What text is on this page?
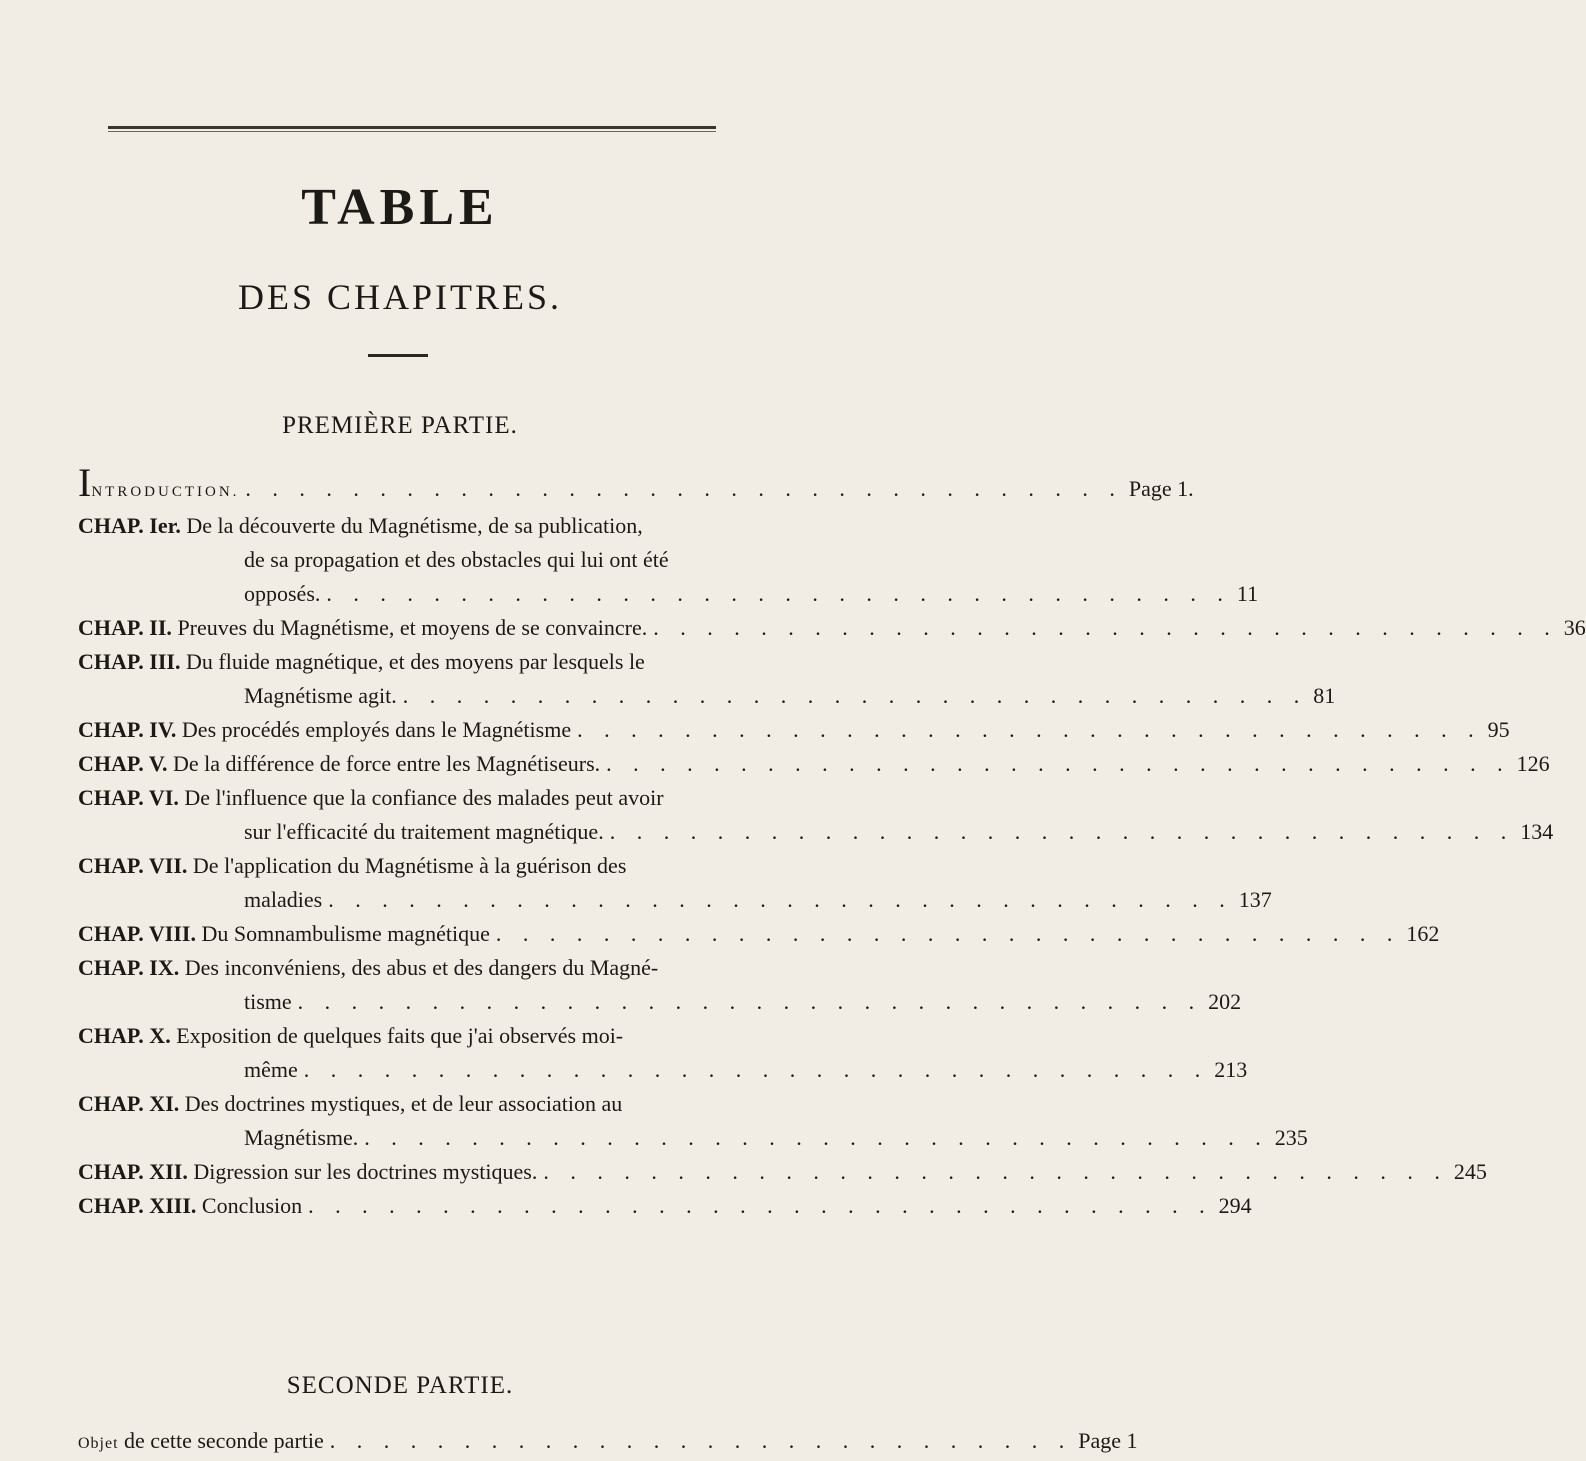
TABLE
DES CHAPITRES.
PREMIÈRE PARTIE.
INTRODUCTION. . . . . . . . . . . . . . . . . . . . . . . . . . . . . . . . . . Page 1.
CHAP. Ier.
De la découverte du Magnétisme, de sa publication,
de sa propagation et des obstacles qui lui ont été
opposés. . . . . . . . . . . . . . . . . . . . . . . . . . . . . . . . . . . 11
CHAP. II.
Preuves du Magnétisme, et moyens de se convaincre. . . . . . . . . . . . . . . . . . . . . . . . . . . . . . . . . . . 36
CHAP. III.
Du fluide magnétique, et des moyens par lesquels le
Magnétisme agit. . . . . . . . . . . . . . . . . . . . . . . . . . . . . . . . . . . 81
CHAP. IV.
Des procédés employés dans le Magnétisme . . . . . . . . . . . . . . . . . . . . . . . . . . . . . . . . . . 95
CHAP. V.
De la différence de force entre les Magnétiseurs. . . . . . . . . . . . . . . . . . . . . . . . . . . . . . . . . . . 126
CHAP. VI.
De l'influence que la confiance des malades peut avoir
sur l'efficacité du traitement magnétique. . . . . . . . . . . . . . . . . . . . . . . . . . . . . . . . . . . 134
CHAP. VII.
De l'application du Magnétisme à la guérison des
maladies . . . . . . . . . . . . . . . . . . . . . . . . . . . . . . . . . . 137
CHAP. VIII.
Du Somnambulisme magnétique . . . . . . . . . . . . . . . . . . . . . . . . . . . . . . . . . . 162
CHAP. IX.
Des inconvéniens, des abus et des dangers du Magné-
tisme . . . . . . . . . . . . . . . . . . . . . . . . . . . . . . . . . . 202
CHAP. X.
Exposition de quelques faits que j'ai observés moi-
même . . . . . . . . . . . . . . . . . . . . . . . . . . . . . . . . . . 213
CHAP. XI.
Des doctrines mystiques, et de leur association au
Magnétisme. . . . . . . . . . . . . . . . . . . . . . . . . . . . . . . . . . . 235
CHAP. XII.
Digression sur les doctrines mystiques. . . . . . . . . . . . . . . . . . . . . . . . . . . . . . . . . . . 245
CHAP. XIII.
Conclusion . . . . . . . . . . . . . . . . . . . . . . . . . . . . . . . . . . 294
SECONDE PARTIE.
Objet de cette seconde partie . . . . . . . . . . . . . . . . . . . . . . . . . . . . Page 1
